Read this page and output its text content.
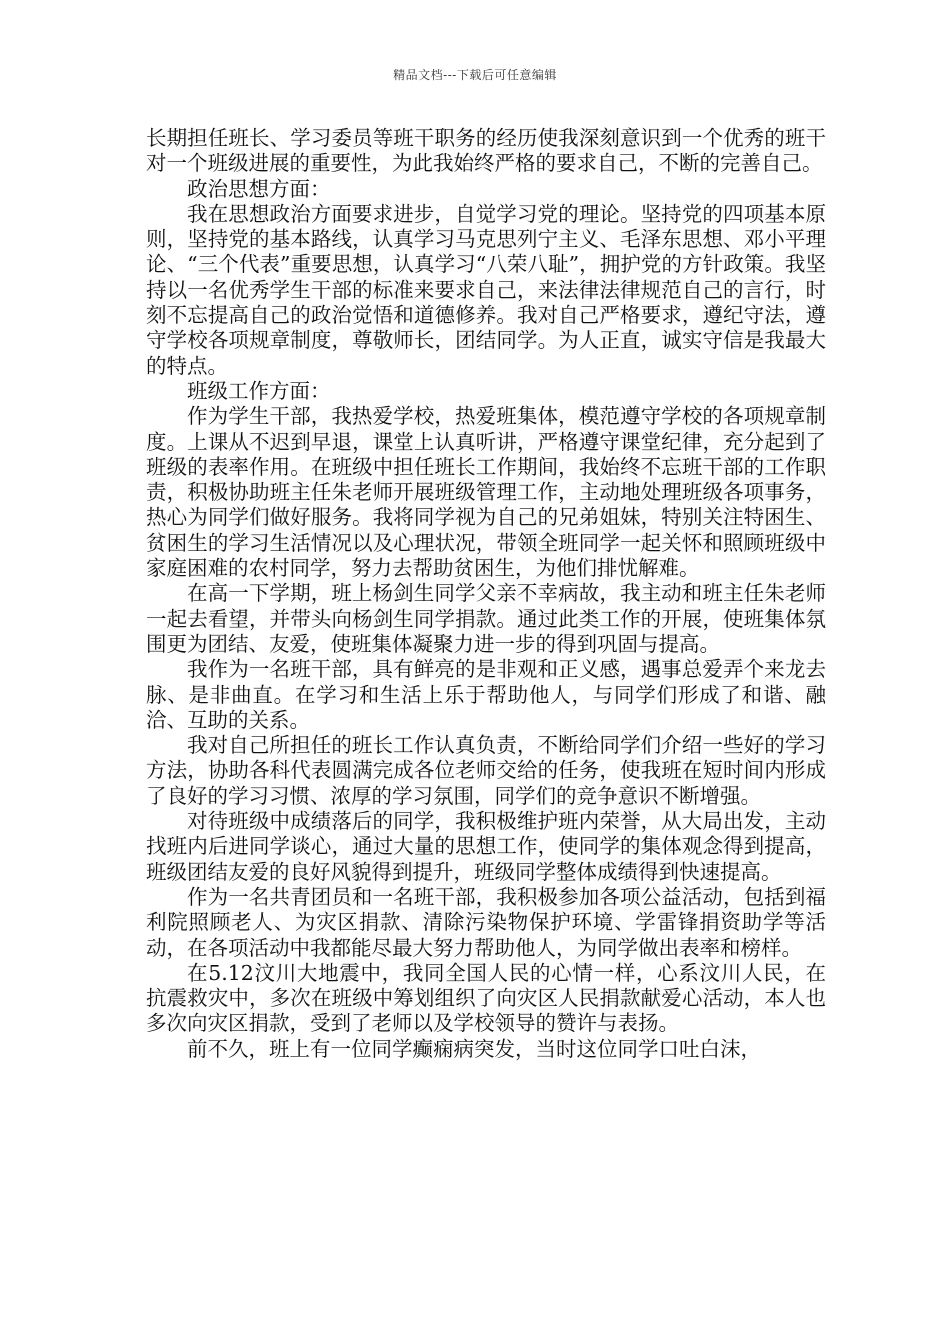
精品文档---下载后可任意编辑

长期担任班长、学习委员等班干职务的经历使我深刻意识到一个优秀的班干对一个班级进展的重要性，为此我始终严格的要求自己，不断的完善自己。

政治思想方面：

我在思想政治方面要求进步，自觉学习党的理论。坚持党的四项基本原则，坚持党的基本路线，认真学习马克思列宁主义、毛泽东思想、邓小平理论、“三个代表”重要思想，认真学习“八荣八耻”，拥护党的方针政策。我坚持以一名优秀学生干部的标准来要求自己，来法律法律规范自己的言行，时刻不忘提高自己的政治觉悟和道德修养。我对自己严格要求，遵纪守法，遵守学校各项规章制度，尊敬师长，团结同学。为人正直，诚实守信是我最大的特点。

班级工作方面：

作为学生干部，我热爱学校，热爱班集体，模范遵守学校的各项规章制度。上课从不迟到早退，课堂上认真听讲，严格遵守课堂纪律，充分起到了班级的表率作用。在班级中担任班长工作期间，我始终不忘班干部的工作职责，积极协助班主任朱老师开展班级管理工作，主动地处理班级各项事务，热心为同学们做好服务。我将同学视为自己的兄弟姐妹，特别关注特困生、贫困生的学习生活情况以及心理状况，带领全班同学一起关怀和照顾班级中家庭困难的农村同学，努力去帮助贫困生，为他们排忧解难。

在高一下学期，班上杨剑生同学父亲不幸病故，我主动和班主任朱老师一起去看望，并带头向杨剑生同学捐款。通过此类工作的开展，使班集体氛围更为团结、友爱，使班集体凝聚力进一步的得到巩固与提高。

我作为一名班干部，具有鲜亮的是非观和正义感，遇事总爱弄个来龙去脉、是非曲直。在学习和生活上乐于帮助他人，与同学们形成了和谐、融洽、互助的关系。

我对自己所担任的班长工作认真负责，不断给同学们介绍一些好的学习方法，协助各科代表圆满完成各位老师交给的任务，使我班在短时间内形成了良好的学习习惯、浓厚的学习氛围，同学们的竞争意识不断增强。

对待班级中成绩落后的同学，我积极维护班内荣誉，从大局出发，主动找班内后进同学谈心，通过大量的思想工作，使同学的集体观念得到提高，班级团结友爱的良好风貌得到提升，班级同学整体成绩得到快速提高。

作为一名共青团员和一名班干部，我积极参加各项公益活动，包括到福利院照顾老人、为灾区捐款、清除污染物保护环境、学雷锋捐资助学等活动，在各项活动中我都能尽最大努力帮助他人，为同学做出表率和榜样。

在5.12汶川大地震中，我同全国人民的心情一样，心系汶川人民，在抗震救灾中，多次在班级中筹划组织了向灾区人民捐款献爱心活动，本人也多次向灾区捐款，受到了老师以及学校领导的赞许与表扬。

前不久，班上有一位同学癫痫病突发，当时这位同学口吐白沫，
